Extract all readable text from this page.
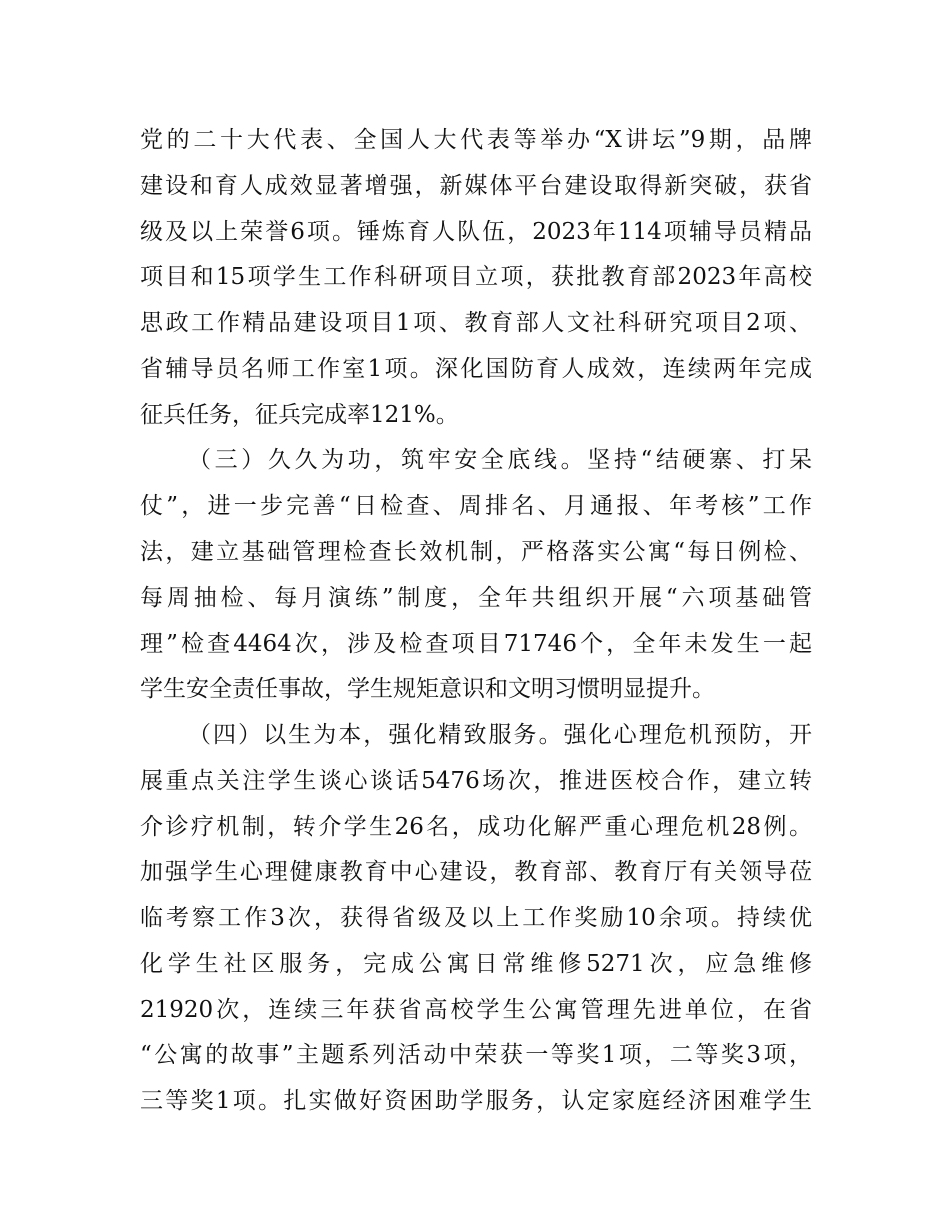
党的二十大代表、全国人大代表等举办“X讲坛”9期，品牌
建设和育人成效显著增强，新媒体平台建设取得新突破，获省
级及以上荣誉6项。锤炼育人队伍，2023年114项辅导员精品
项目和15项学生工作科研项目立项，获批教育部2023年高校
思政工作精品建设项目1项、教育部人文社科研究项目2项、
省辅导员名师工作室1项。深化国防育人成效，连续两年完成
征兵任务，征兵完成率121%。
（三）久久为功，筑牢安全底线。坚持“结硬寨、打呆
仗”，进一步完善“日检查、周排名、月通报、年考核”工作
法，建立基础管理检查长效机制，严格落实公寓“每日例检、
每周抽检、每月演练”制度，全年共组织开展“六项基础管
理”检查4464次，涉及检查项目71746个，全年未发生一起
学生安全责任事故，学生规矩意识和文明习惯明显提升。
（四）以生为本，强化精致服务。强化心理危机预防，开
展重点关注学生谈心谈话5476场次，推进医校合作，建立转
介诊疗机制，转介学生26名，成功化解严重心理危机28例。
加强学生心理健康教育中心建设，教育部、教育厅有关领导莅
临考察工作3次，获得省级及以上工作奖励10余项。持续优
化学生社区服务，完成公寓日常维修5271次，应急维修
21920次，连续三年获省高校学生公寓管理先进单位，在省
“公寓的故事”主题系列活动中荣获一等奖1项，二等奖3项，
三等奖1项。扎实做好资困助学服务，认定家庭经济困难学生
